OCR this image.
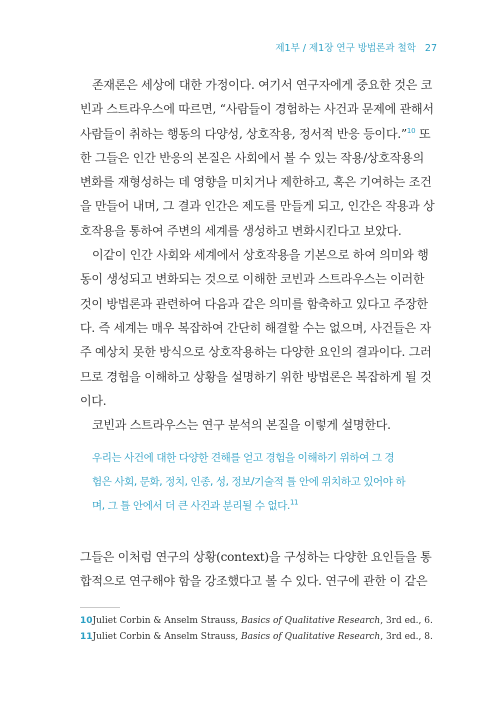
제1부 / 제1장 연구 방법론과 철학 27
존재론은 세상에 대한 가정이다. 여기서 연구자에게 중요한 것은 코
빈과 스트라우스에 따르면, “사람들이 경험하는 사건과 문제에 관해서
사람들이 취하는 행동의 다양성, 상호작용, 정서적 반응 등이다.”$^{10}$ 또
한 그들은 인간 반응의 본질은 사회에서 볼 수 있는 작용/상호작용의
변화를 재형성하는 데 영향을 미치거나 제한하고, 혹은 기여하는 조건
을 만들어 내며, 그 결과 인간은 제도를 만들게 되고, 인간은 작용과 상
호작용을 통하여 주변의 세계를 생성하고 변화시킨다고 보았다.
이같이 인간 사회와 세계에서 상호작용을 기본으로 하여 의미와 행
동이 생성되고 변화되는 것으로 이해한 코빈과 스트라우스는 이러한
것이 방법론과 관련하여 다음과 같은 의미를 함축하고 있다고 주장한
다. 즉 세계는 매우 복잡하여 간단히 해결할 수는 없으며, 사건들은 자
주 예상치 못한 방식으로 상호작용하는 다양한 요인의 결과이다. 그러
므로 경험을 이해하고 상황을 설명하기 위한 방법론은 복잡하게 될 것
이다.
코빈과 스트라우스는 연구 분석의 본질을 이렇게 설명한다.
우리는 사건에 대한 다양한 견해를 얻고 경험을 이해하기 위하여 그 경
험은 사회, 문화, 정치, 인종, 성, 정보/기술적 틀 안에 위치하고 있어야 하
며, 그 틀 안에서 더 큰 사건과 분리될 수 없다.$^{11}$
그들은 이처럼 연구의 상황(context)을 구성하는 다양한 요인들을 통
합적으로 연구해야 함을 강조했다고 볼 수 있다. 연구에 관한 이 같은
10 Juliet Corbin & Anselm Strauss, Basics of Qualitative Research, 3rd ed., 6.
11 Juliet Corbin & Anselm Strauss, Basics of Qualitative Research, 3rd ed., 8.
